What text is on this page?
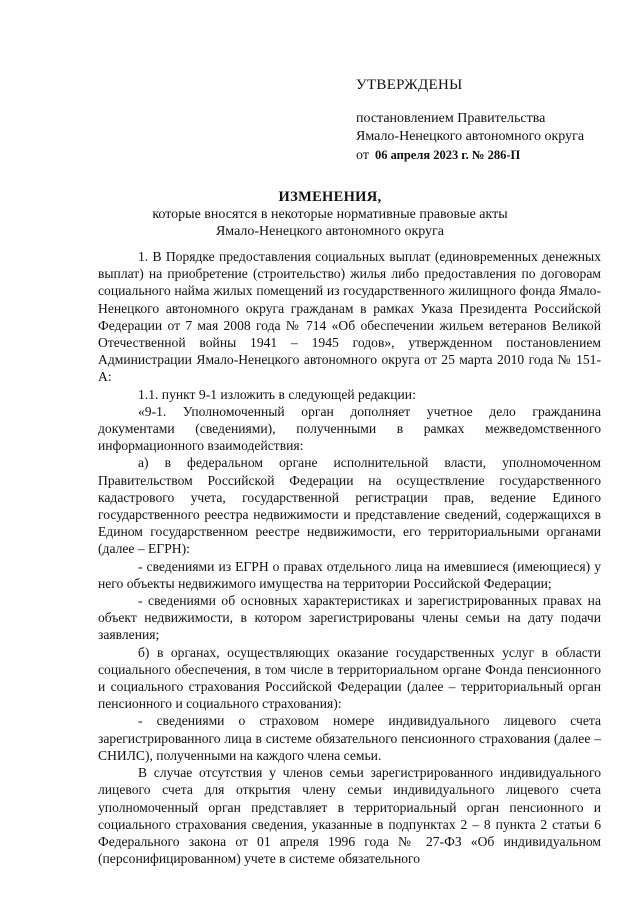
УТВЕРЖДЕНЫ
постановлением Правительства
Ямало-Ненецкого автономного округа
от 06 апреля 2023 г. № 286-П
ИЗМЕНЕНИЯ,
которые вносятся в некоторые нормативные правовые акты
Ямало-Ненецкого автономного округа

1. В Порядке предоставления социальных выплат (единовременных денежных выплат) на приобретение (строительство) жилья либо предоставления по договорам социального найма жилых помещений из государственного жилищного фонда Ямало-Ненецкого автономного округа гражданам в рамках Указа Президента Российской Федерации от 7 мая 2008 года № 714 «Об обеспечении жильем ветеранов Великой Отечественной войны 1941 – 1945 годов», утвержденном постановлением Администрации Ямало-Ненецкого автономного округа от 25 марта 2010 года № 151-А:

1.1. пункт 9-1 изложить в следующей редакции:

«9-1. Уполномоченный орган дополняет учетное дело гражданина документами (сведениями), полученными в рамках межведомственного информационного взаимодействия:

а) в федеральном органе исполнительной власти, уполномоченном Правительством Российской Федерации на осуществление государственного кадастрового учета, государственной регистрации прав, ведение Единого государственного реестра недвижимости и представление сведений, содержащихся в Едином государственном реестре недвижимости, его территориальными органами (далее – ЕГРН):

- сведениями из ЕГРН о правах отдельного лица на имевшиеся (имеющиеся) у него объекты недвижимого имущества на территории Российской Федерации;

- сведениями об основных характеристиках и зарегистрированных правах на объект недвижимости, в котором зарегистрированы члены семьи на дату подачи заявления;

б) в органах, осуществляющих оказание государственных услуг в области социального обеспечения, в том числе в территориальном органе Фонда пенсионного и социального страхования Российской Федерации (далее – территориальный орган пенсионного и социального страхования):

- сведениями о страховом номере индивидуального лицевого счета зарегистрированного лица в системе обязательного пенсионного страхования (далее – СНИЛС), полученными на каждого члена семьи.

В случае отсутствия у членов семьи зарегистрированного индивидуального лицевого счета для открытия члену семьи индивидуального лицевого счета уполномоченный орган представляет в территориальный орган пенсионного и социального страхования сведения, указанные в подпунктах 2 – 8 пункта 2 статьи 6 Федерального закона от 01 апреля 1996 года № 27-ФЗ «Об индивидуальном (персонифицированном) учете в системе обязательного
